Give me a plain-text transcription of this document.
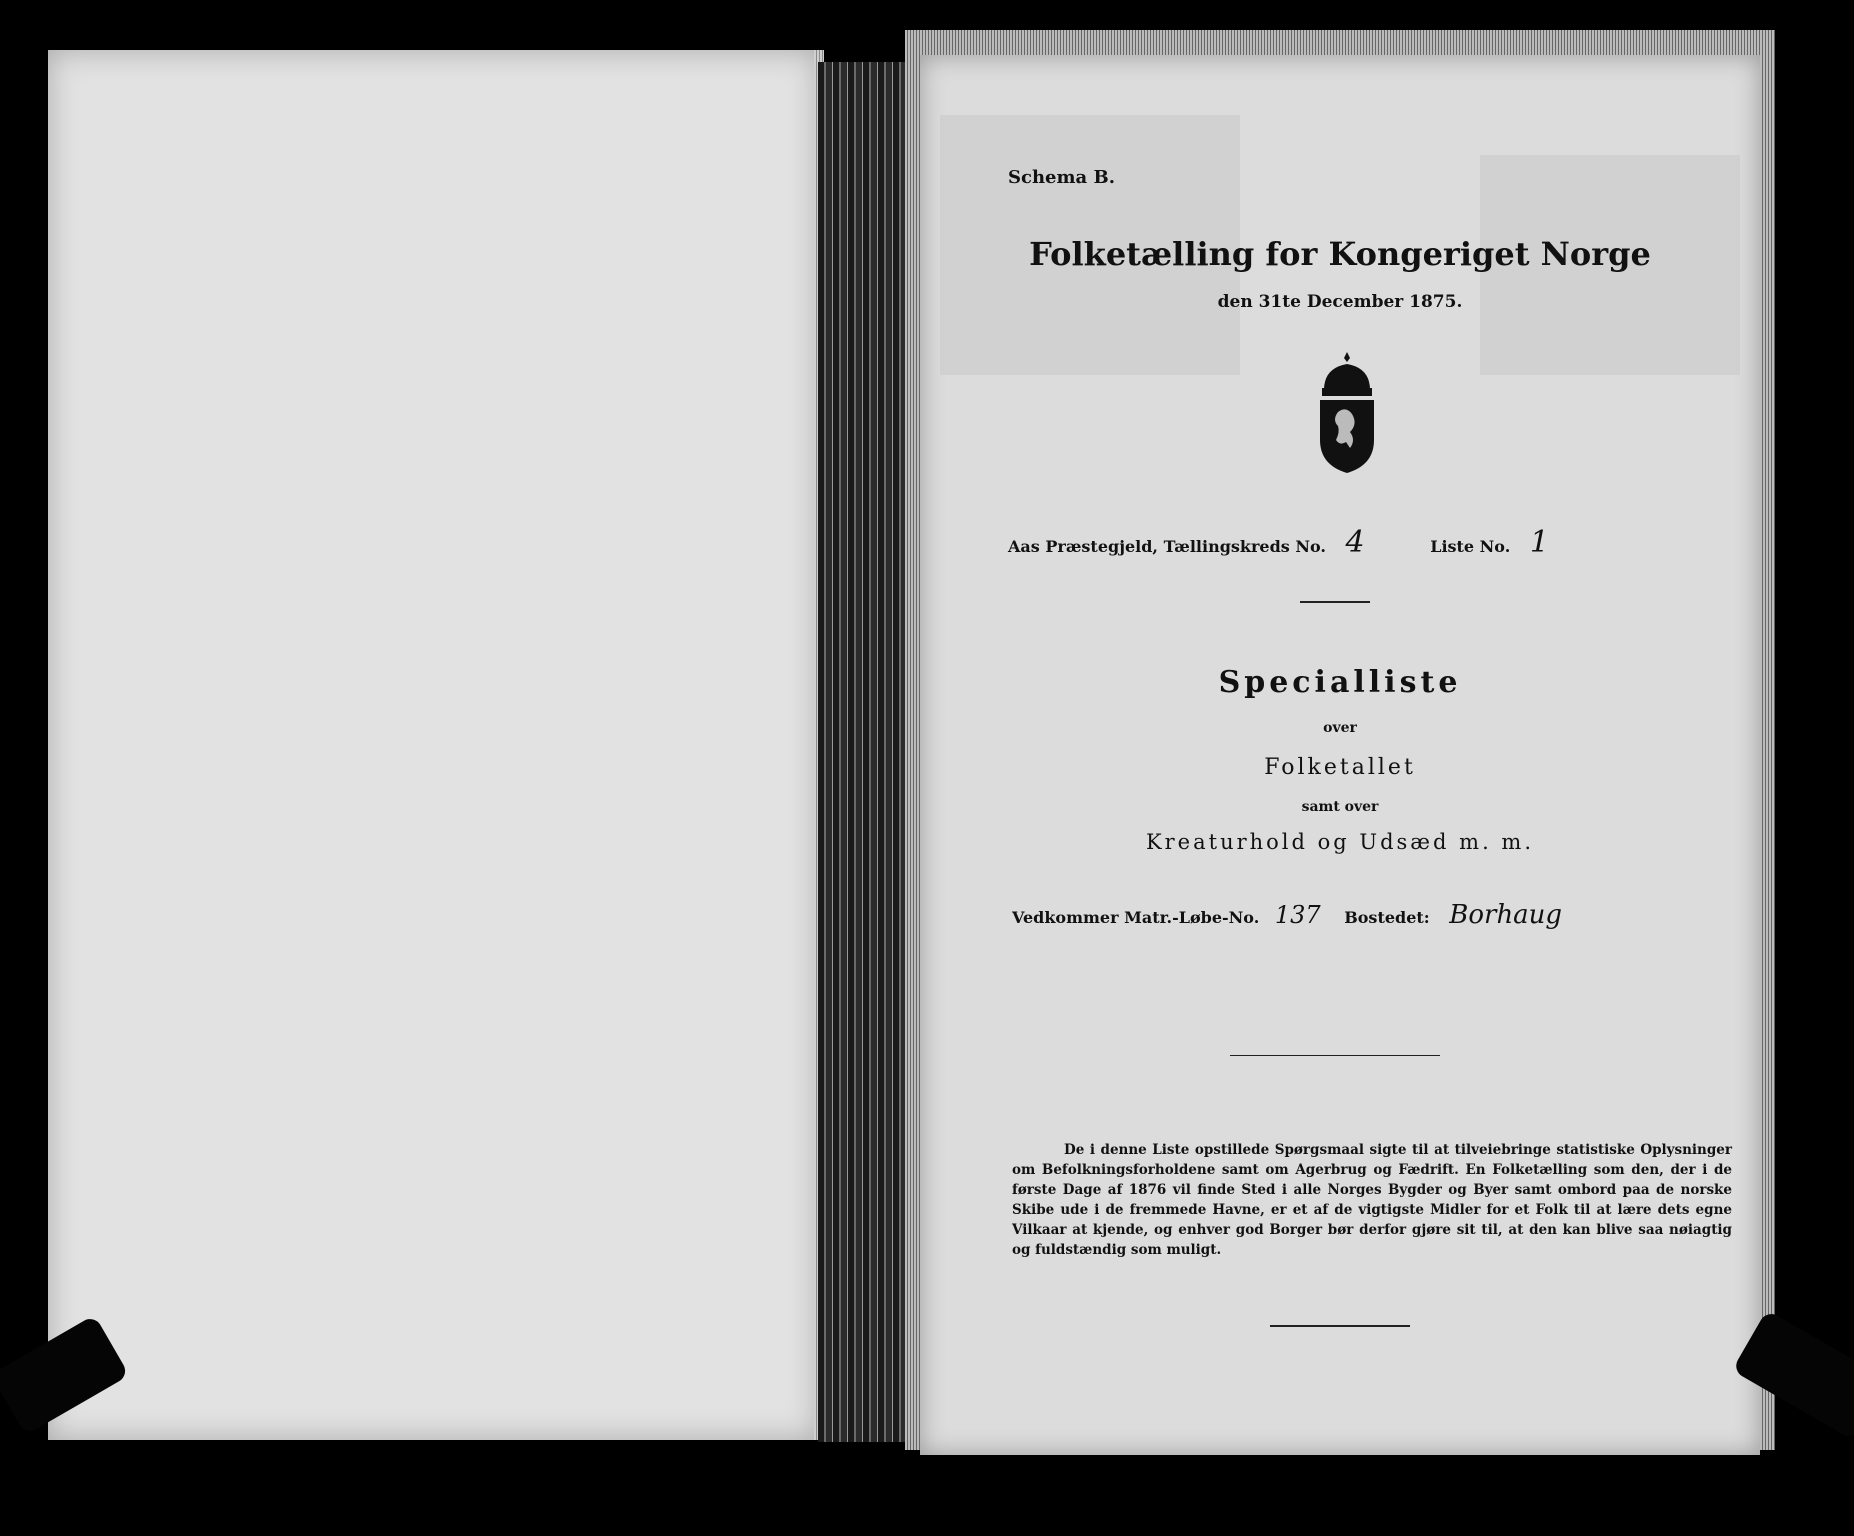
Schema B.
Folketælling for Kongeriget Norge
den 31te December 1875.
Aas Præstegjeld, Tællingskreds No. 4	Liste No. 1
Specialliste
over
Folketallet
samt over
Kreaturhold og Udsæd m. m.
Vedkommer Matr.-Løbe-No. 137 Bostedet: Borhaug
De i denne Liste opstillede Spørgsmaal sigte til at tilveiebringe statistiske Oplysninger om Befolkningsforholdene samt om Agerbrug og Fædrift. En Folketælling som den, der i de første Dage af 1876 vil finde Sted i alle Norges Bygder og Byer samt ombord paa de norske Skibe ude i de fremmede Havne, er et af de vigtigste Midler for et Folk til at lære dets egne Vilkaar at kjende, og enhver god Borger bør derfor gjøre sit til, at den kan blive saa nøiagtig og fuldstændig som muligt.
